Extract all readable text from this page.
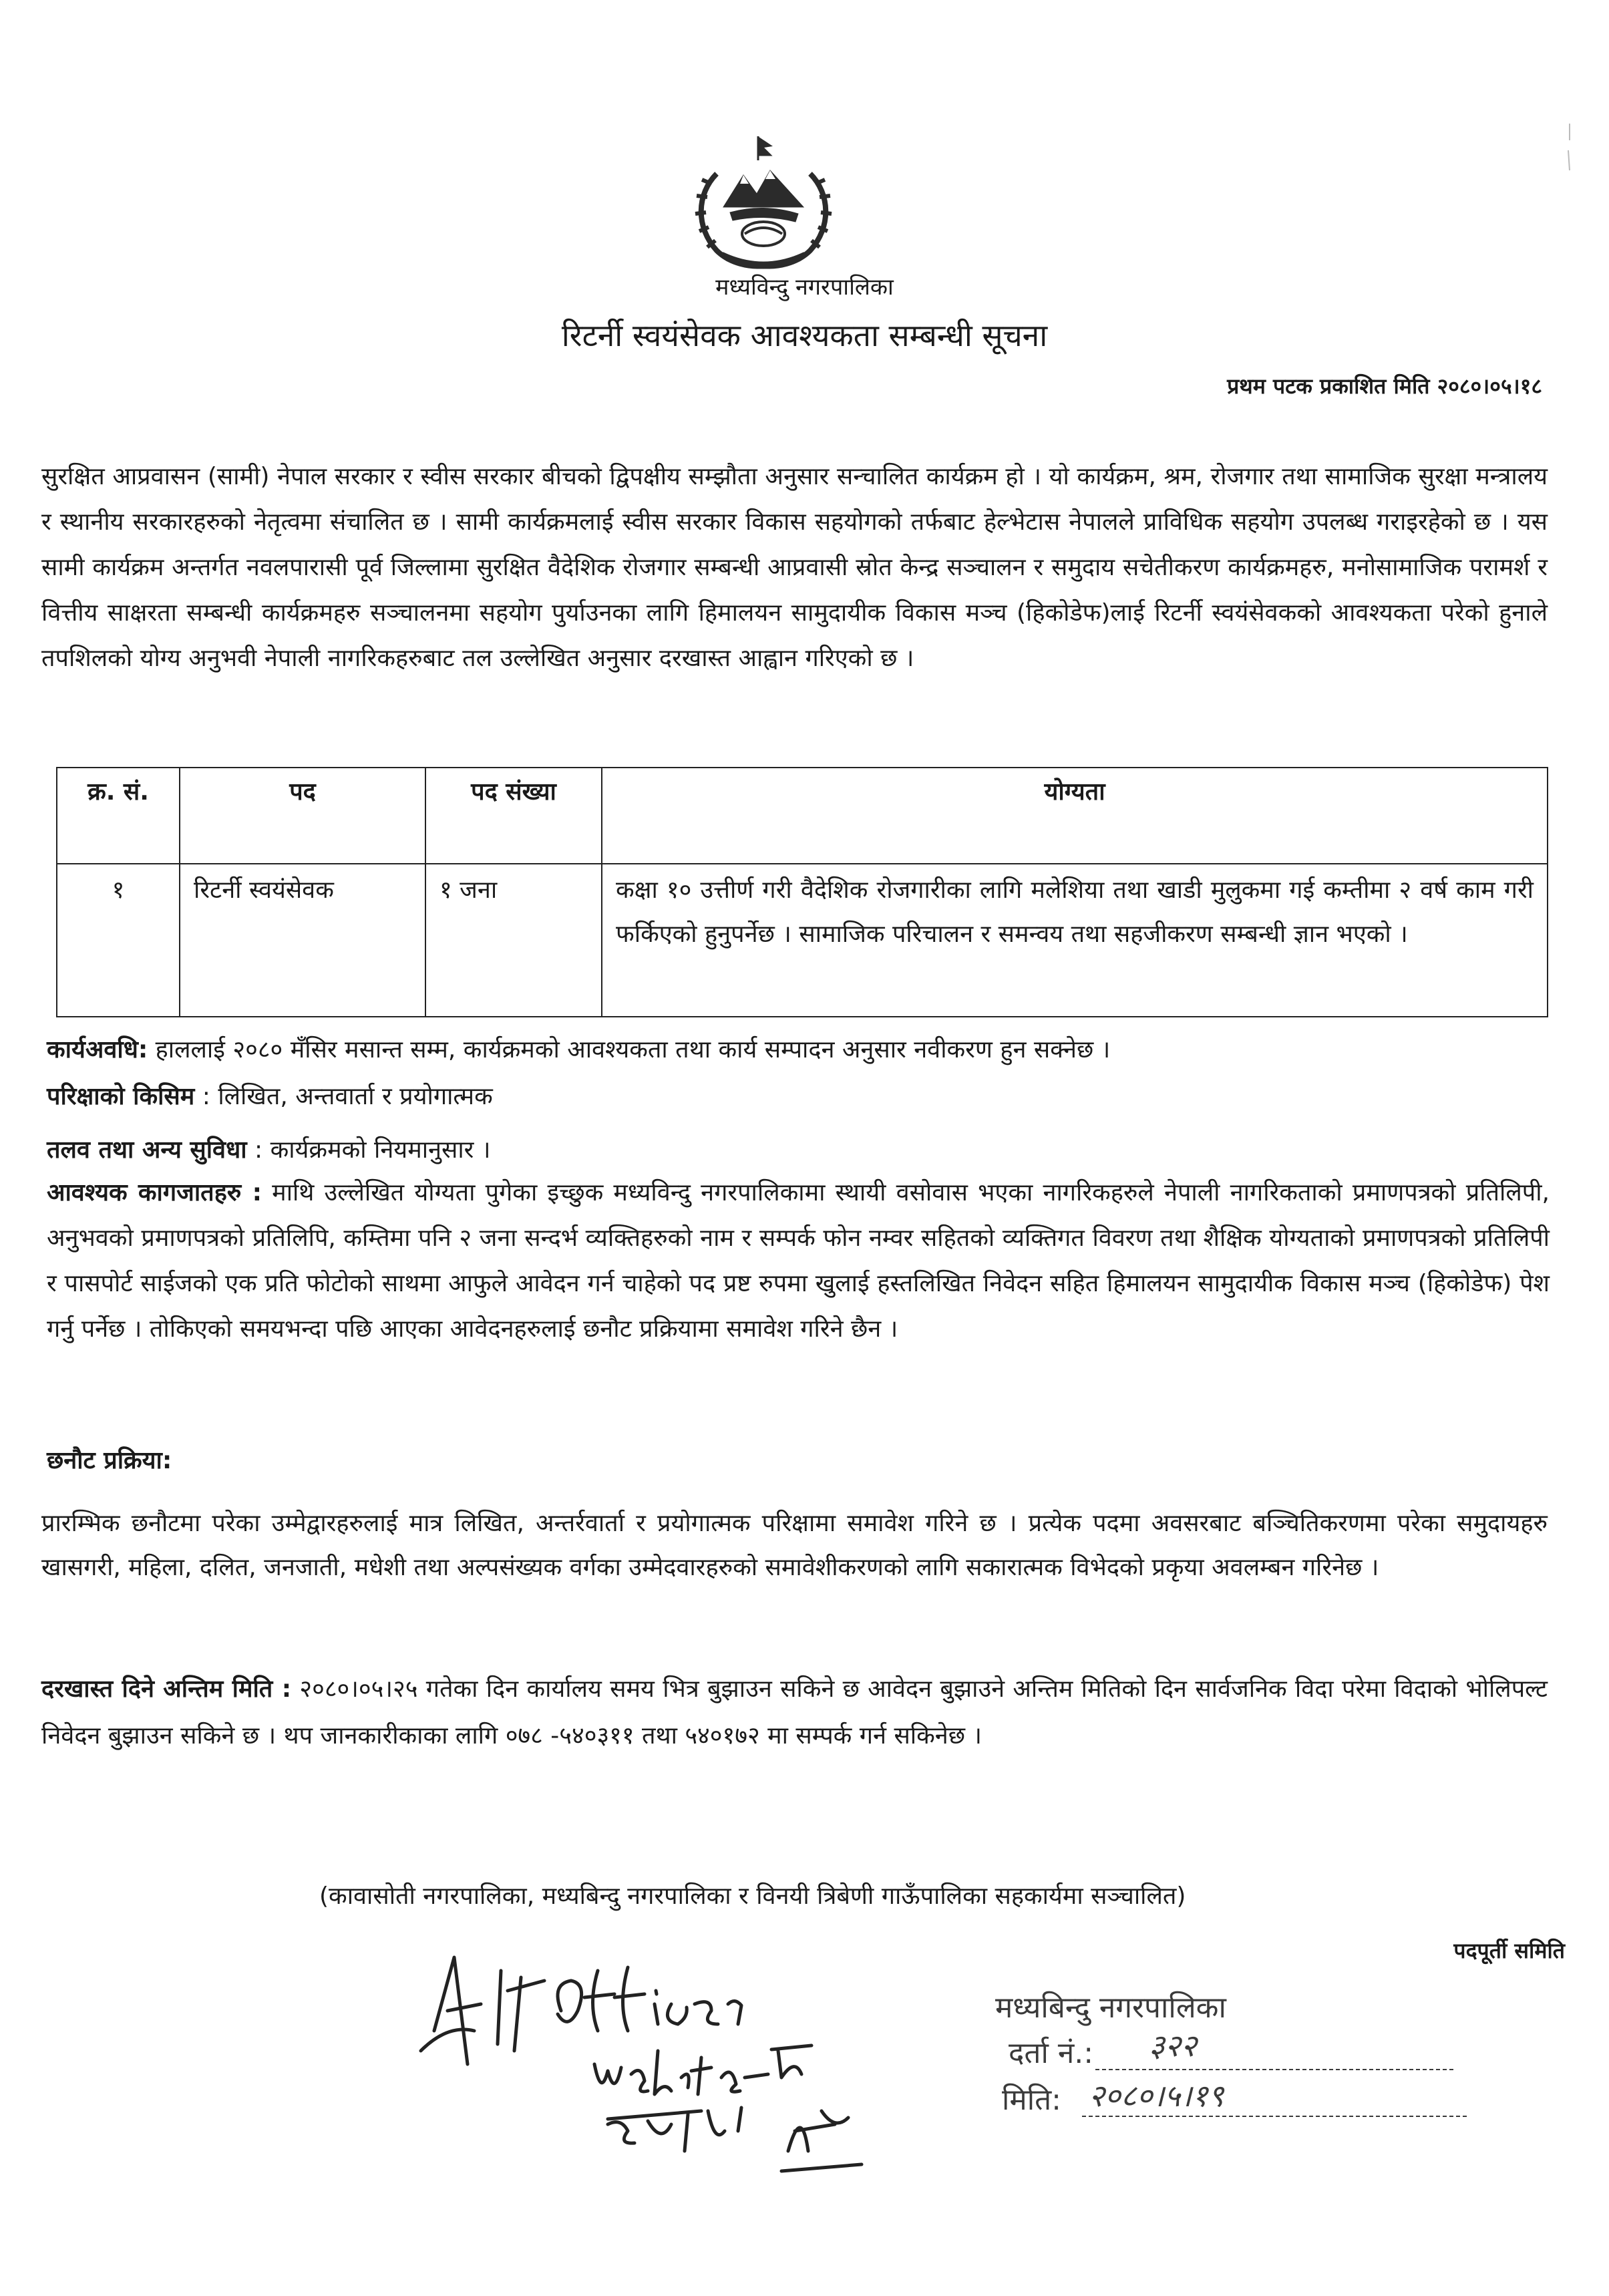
मध्यविन्दु नगरपालिका
रिटर्नी स्वयंसेवक आवश्यकता सम्बन्धी सूचना
प्रथम पटक प्रकाशित मिति २०८०।०५।१८
सुरक्षित आप्रवासन (सामी) नेपाल सरकार र स्वीस सरकार बीचको द्विपक्षीय सम्झौता अनुसार सन्चालित कार्यक्रम हो । यो कार्यक्रम, श्रम, रोजगार तथा सामाजिक सुरक्षा मन्त्रालय र स्थानीय सरकारहरुको नेतृत्वमा संचालित छ । सामी कार्यक्रमलाई स्वीस सरकार विकास सहयोगको तर्फबाट हेल्भेटास नेपालले प्राविधिक सहयोग उपलब्ध गराइरहेको छ । यस सामी कार्यक्रम अन्तर्गत नवलपारासी पूर्व जिल्लामा सुरक्षित वैदेशिक रोजगार सम्बन्धी आप्रवासी स्रोत केन्द्र सञ्चालन र समुदाय सचेतीकरण कार्यक्रमहरु, मनोसामाजिक परामर्श र वित्तीय साक्षरता सम्बन्धी कार्यक्रमहरु सञ्चालनमा सहयोग पुर्याउनका लागि हिमालयन सामुदायीक विकास मञ्च (हिकोडेफ)लाई रिटर्नी स्वयंसेवकको आवश्यकता परेको हुनाले तपशिलको योग्य अनुभवी नेपाली नागरिकहरुबाट तल उल्लेखित अनुसार दरखास्त आह्वान गरिएको छ ।
क्र. सं.	पद	पद संख्या	योग्यता
१	रिटर्नी स्वयंसेवक	१ जना	कक्षा १० उत्तीर्ण गरी वैदेशिक रोजगारीका लागि मलेशिया तथा खाडी मुलुकमा गई कम्तीमा २ वर्ष काम गरी फर्किएको हुनुपर्नेछ । सामाजिक परिचालन र समन्वय तथा सहजीकरण सम्बन्धी ज्ञान भएको ।
कार्यअवधि: हाललाई २०८० मँसिर मसान्त सम्म, कार्यक्रमको आवश्यकता तथा कार्य सम्पादन अनुसार नवीकरण हुन सक्नेछ ।
परिक्षाको किसिम : लिखित, अन्तवार्ता र प्रयोगात्मक
तलव तथा अन्य सुविधा : कार्यक्रमको नियमानुसार ।
आवश्यक कागजातहरु : माथि उल्लेखित योग्यता पुगेका इच्छुक मध्यविन्दु नगरपालिकामा स्थायी वसोवास भएका नागरिकहरुले नेपाली नागरिकताको प्रमाणपत्रको प्रतिलिपी, अनुभवको प्रमाणपत्रको प्रतिलिपि, कम्तिमा पनि २ जना सन्दर्भ व्यक्तिहरुको नाम र सम्पर्क फोन नम्वर सहितको व्यक्तिगत विवरण तथा शैक्षिक योग्यताको प्रमाणपत्रको प्रतिलिपी र पासपोर्ट साईजको एक प्रति फोटोको साथमा आफुले आवेदन गर्न चाहेको पद प्रष्ट रुपमा खुलाई हस्तलिखित निवेदन सहित हिमालयन सामुदायीक विकास मञ्च (हिकोडेफ) पेश गर्नु पर्नेछ । तोकिएको समयभन्दा पछि आएका आवेदनहरुलाई छनौट प्रक्रियामा समावेश गरिने छैन ।
छनौट प्रक्रिया:
प्रारम्भिक छनौटमा परेका उम्मेद्वारहरुलाई मात्र लिखित, अन्तर्रवार्ता र प्रयोगात्मक परिक्षामा समावेश गरिने छ । प्रत्येक पदमा अवसरबाट बञ्चितिकरणमा परेका समुदायहरु खासगरी, महिला, दलित, जनजाती, मधेशी तथा अल्पसंख्यक वर्गका उम्मेदवारहरुको समावेशीकरणको लागि सकारात्मक विभेदको प्रकृया अवलम्बन गरिनेछ ।
दरखास्त दिने अन्तिम मिति : २०८०।०५।२५ गतेका दिन कार्यालय समय भित्र बुझाउन सकिने छ आवेदन बुझाउने अन्तिम मितिको दिन सार्वजनिक विदा परेमा विदाको भोलिपल्ट निवेदन बुझाउन सकिने छ । थप जानकारीकाका लागि ०७८ -५४०३११ तथा ५४०१७२ मा सम्पर्क गर्न सकिनेछ ।
(कावासोती नगरपालिका, मध्यबिन्दु नगरपालिका र विनयी त्रिबेणी गाऊँपालिका सहकार्यमा सञ्चालित)
पदपूर्ती समिति
IT Officer website-मा राख्दिन ।
मध्यबिन्दु नगरपालिका
दर्ता नं.: ३२२
मिति: २०८०।५।१९
